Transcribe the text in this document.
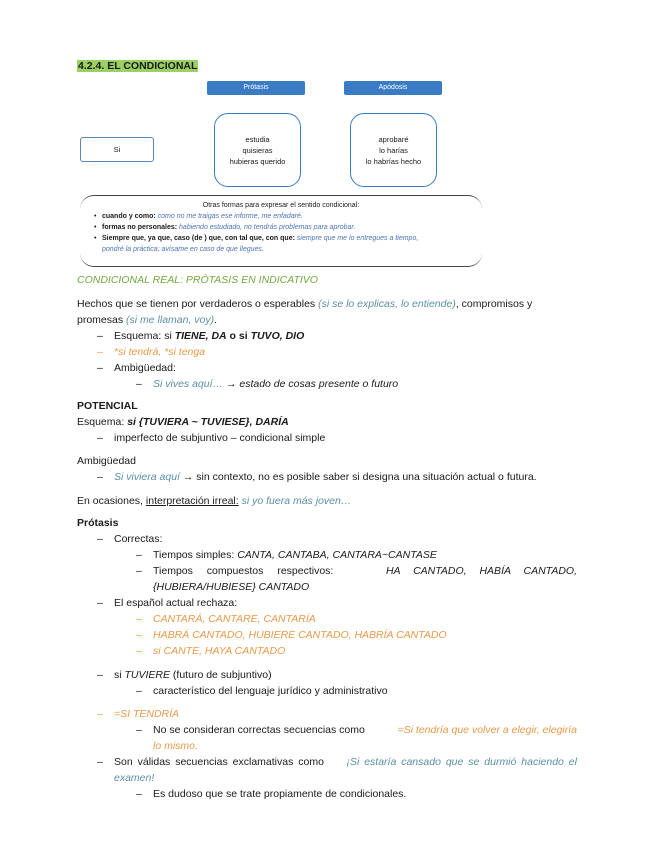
4.2.4. EL CONDICIONAL
Prótasis	Apódosis
Si
estudia
quisieras
hubieras querido
aprobaré
lo harías
lo habrías hecho
Otras formas para expresar el sentido condicional:
• cuando y como: como no me traigas ese informe, me enfadaré.
• formas no personales: habiendo estudiado, no tendrás problemas para aprobar.
• Siempre que, ya que, caso (de ) que, con tal que, con que: siempre que me lo entregues a tiempo,
pondré la práctica; avísame en caso de que llegues.
CONDICIONAL REAL: PRÓTASIS EN INDICATIVO
Hechos que se tienen por verdaderos o esperables (si se lo explicas, lo entiende), compromisos y
promesas (si me llaman, voy).
– Esquema: si TIENE, DA o si TUVO, DIO
– *si tendrá, *si tenga
– Ambigüedad:
– Si vives aquí… → estado de cosas presente o futuro
POTENCIAL
Esquema: si {TUVIERA ~ TUVIESE}, DARÍA
– imperfecto de subjuntivo – condicional simple
Ambigüedad
– Si viviera aquí → sin contexto, no es posible saber si designa una situación actual o futura.
En ocasiones, interpretación irreal: si yo fuera más joven…
Prótasis
– Correctas:
– Tiempos simples: CANTA, CANTABA, CANTARA~CANTASE
–	Tiempos compuestos respectivos:	HA CANTADO, HABÍA CANTADO,
{HUBIERA/HUBIESE} CANTADO
– El español actual rechaza:
– CANTARÁ, CANTARE, CANTARÍA
– HABRÁ CANTADO, HUBIERE CANTADO, HABRÍA CANTADO
– si CANTE, HAYA CANTADO
– si TUVIERE (futuro de subjuntivo)
– característico del lenguaje jurídico y administrativo
– =SI TENDRÍA
–	No se consideran correctas secuencias como	=Si tendría que volver a elegir, elegiría
lo mismo.
–	Son válidas secuencias exclamativas como ¡Si estaría cansado que se durmió haciendo el
examen!
– Es dudoso que se trate propiamente de condicionales.
